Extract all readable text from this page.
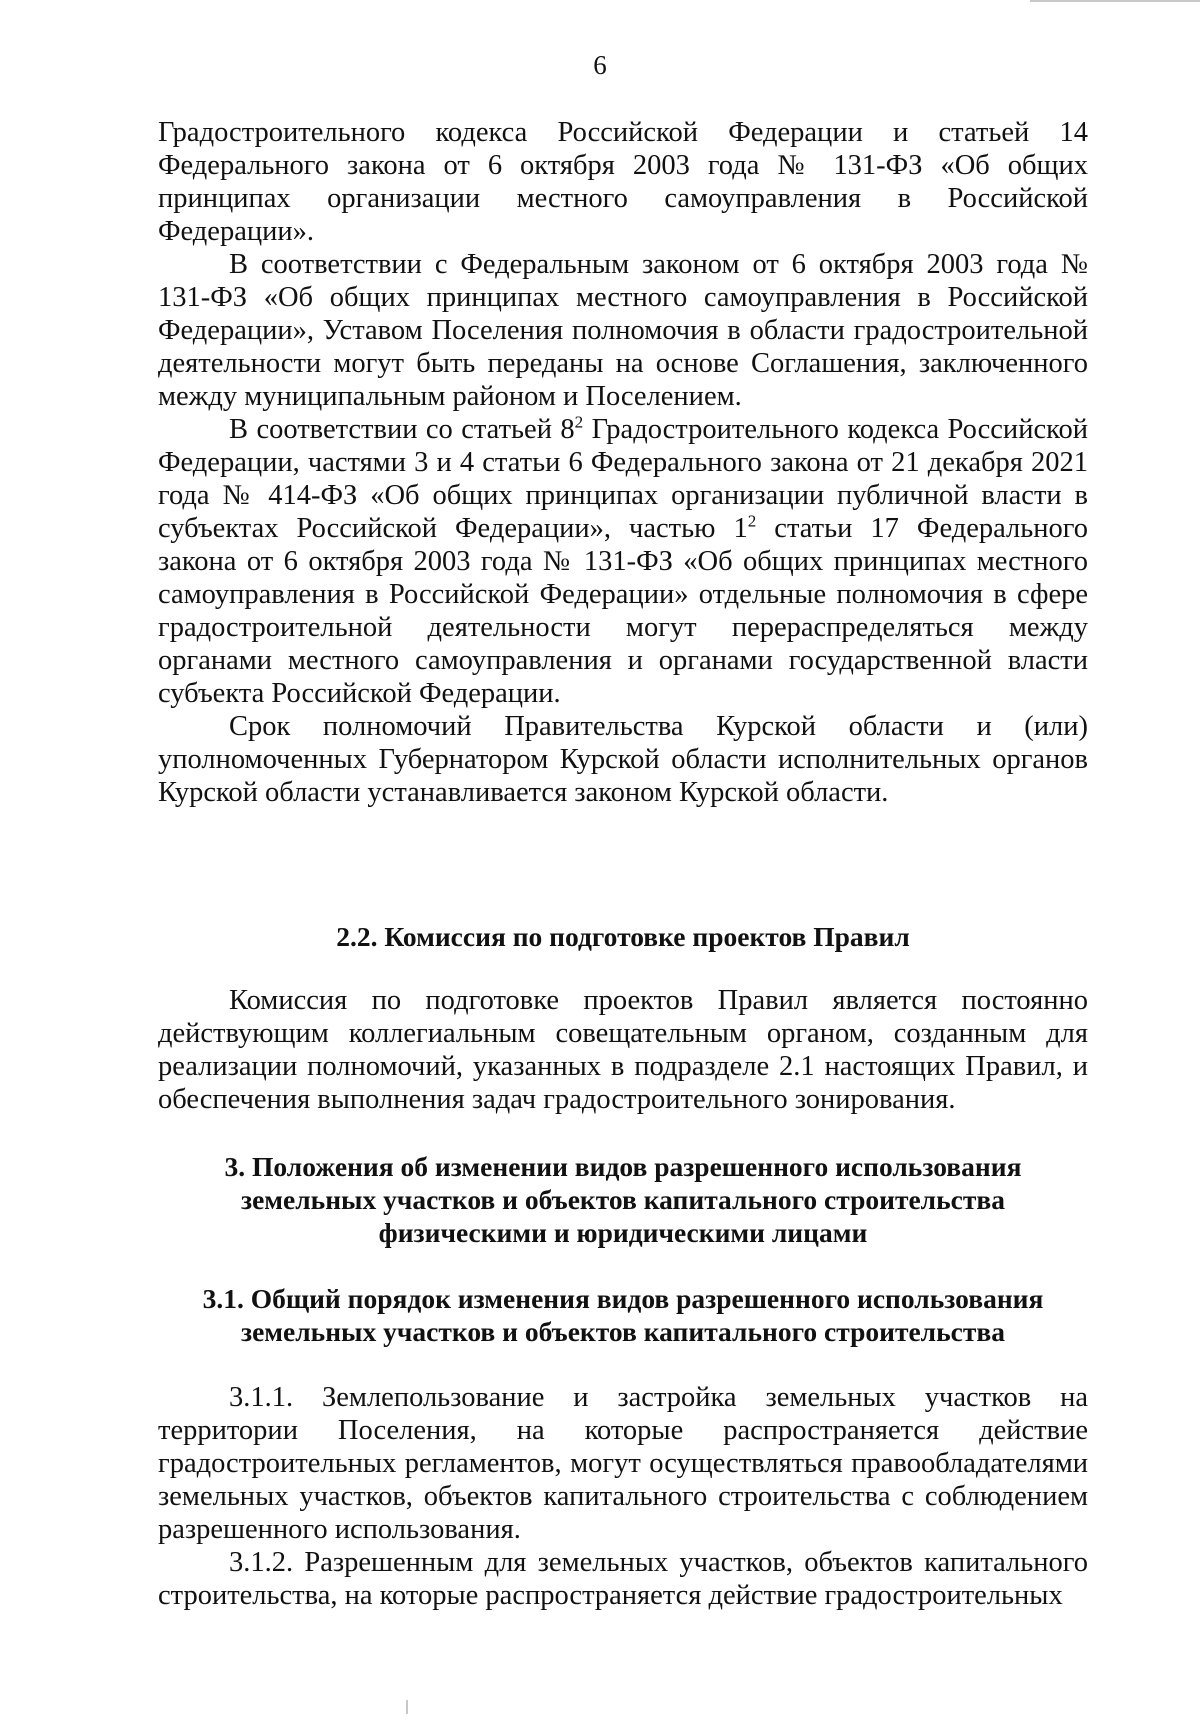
6

Градостроительного кодекса Российской Федерации и статьей 14 Федерального закона от 6 октября 2003 года № 131-ФЗ «Об общих принципах организации местного самоуправления в Российской Федерации».

В соответствии с Федеральным законом от 6 октября 2003 года № 131-ФЗ «Об общих принципах местного самоуправления в Российской Федерации», Уставом Поселения полномочия в области градостроительной деятельности могут быть переданы на основе Соглашения, заключенного между муниципальным районом и Поселением.

В соответствии со статьей $8^2$ Градостроительного кодекса Российской Федерации, частями 3 и 4 статьи 6 Федерального закона от 21 декабря 2021 года № 414-ФЗ «Об общих принципах организации публичной власти в субъектах Российской Федерации», частью $1^2$ статьи 17 Федерального закона от 6 октября 2003 года № 131-ФЗ «Об общих принципах местного самоуправления в Российской Федерации» отдельные полномочия в сфере градостроительной деятельности могут перераспределяться между органами местного самоуправления и органами государственной власти субъекта Российской Федерации.

Срок полномочий Правительства Курской области и (или) уполномоченных Губернатором Курской области исполнительных органов Курской области устанавливается законом Курской области.

2.2. Комиссия по подготовке проектов Правил

Комиссия по подготовке проектов Правил является постоянно действующим коллегиальным совещательным органом, созданным для реализации полномочий, указанных в подразделе 2.1 настоящих Правил, и обеспечения выполнения задач градостроительного зонирования.

3. Положения об изменении видов разрешенного использования

земельных участков и объектов капитального строительства

физическими и юридическими лицами

3.1. Общий порядок изменения видов разрешенного использования

земельных участков и объектов капитального строительства

3.1.1. Землепользование и застройка земельных участков на территории Поселения, на которые распространяется действие градостроительных регламентов, могут осуществляться правообладателями земельных участков, объектов капитального строительства с соблюдением разрешенного использования.

3.1.2. Разрешенным для земельных участков, объектов капитального строительства, на которые распространяется действие градостроительных
